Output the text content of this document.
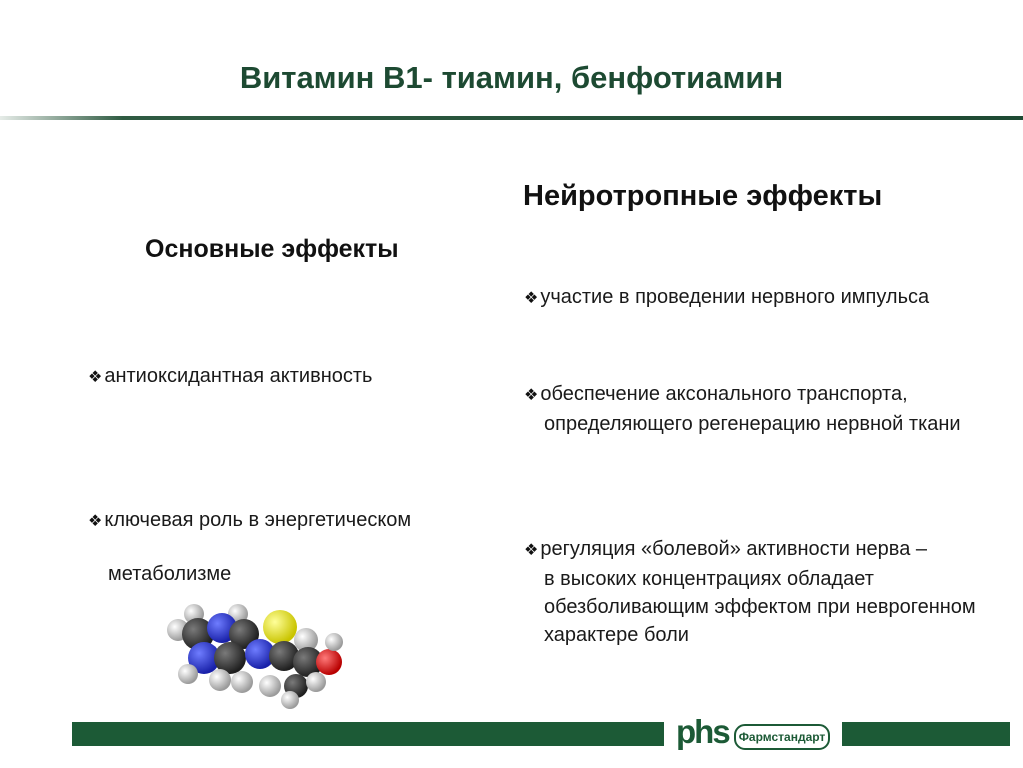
Витамин В1- тиамин, бенфотиамин
Нейротропные эффекты
Основные эффекты
❖ антиоксидантная активность
❖ ключевая роль в энергетическом
метаболизме
❖ участие в проведении нервного импульса
❖ обеспечение аксонального транспорта,
определяющего регенерацию нервной ткани
❖ регуляция «болевой» активности нерва –
в высоких концентрациях обладает обезболивающим эффектом при неврогенном характере боли
phs Фармстандарт
